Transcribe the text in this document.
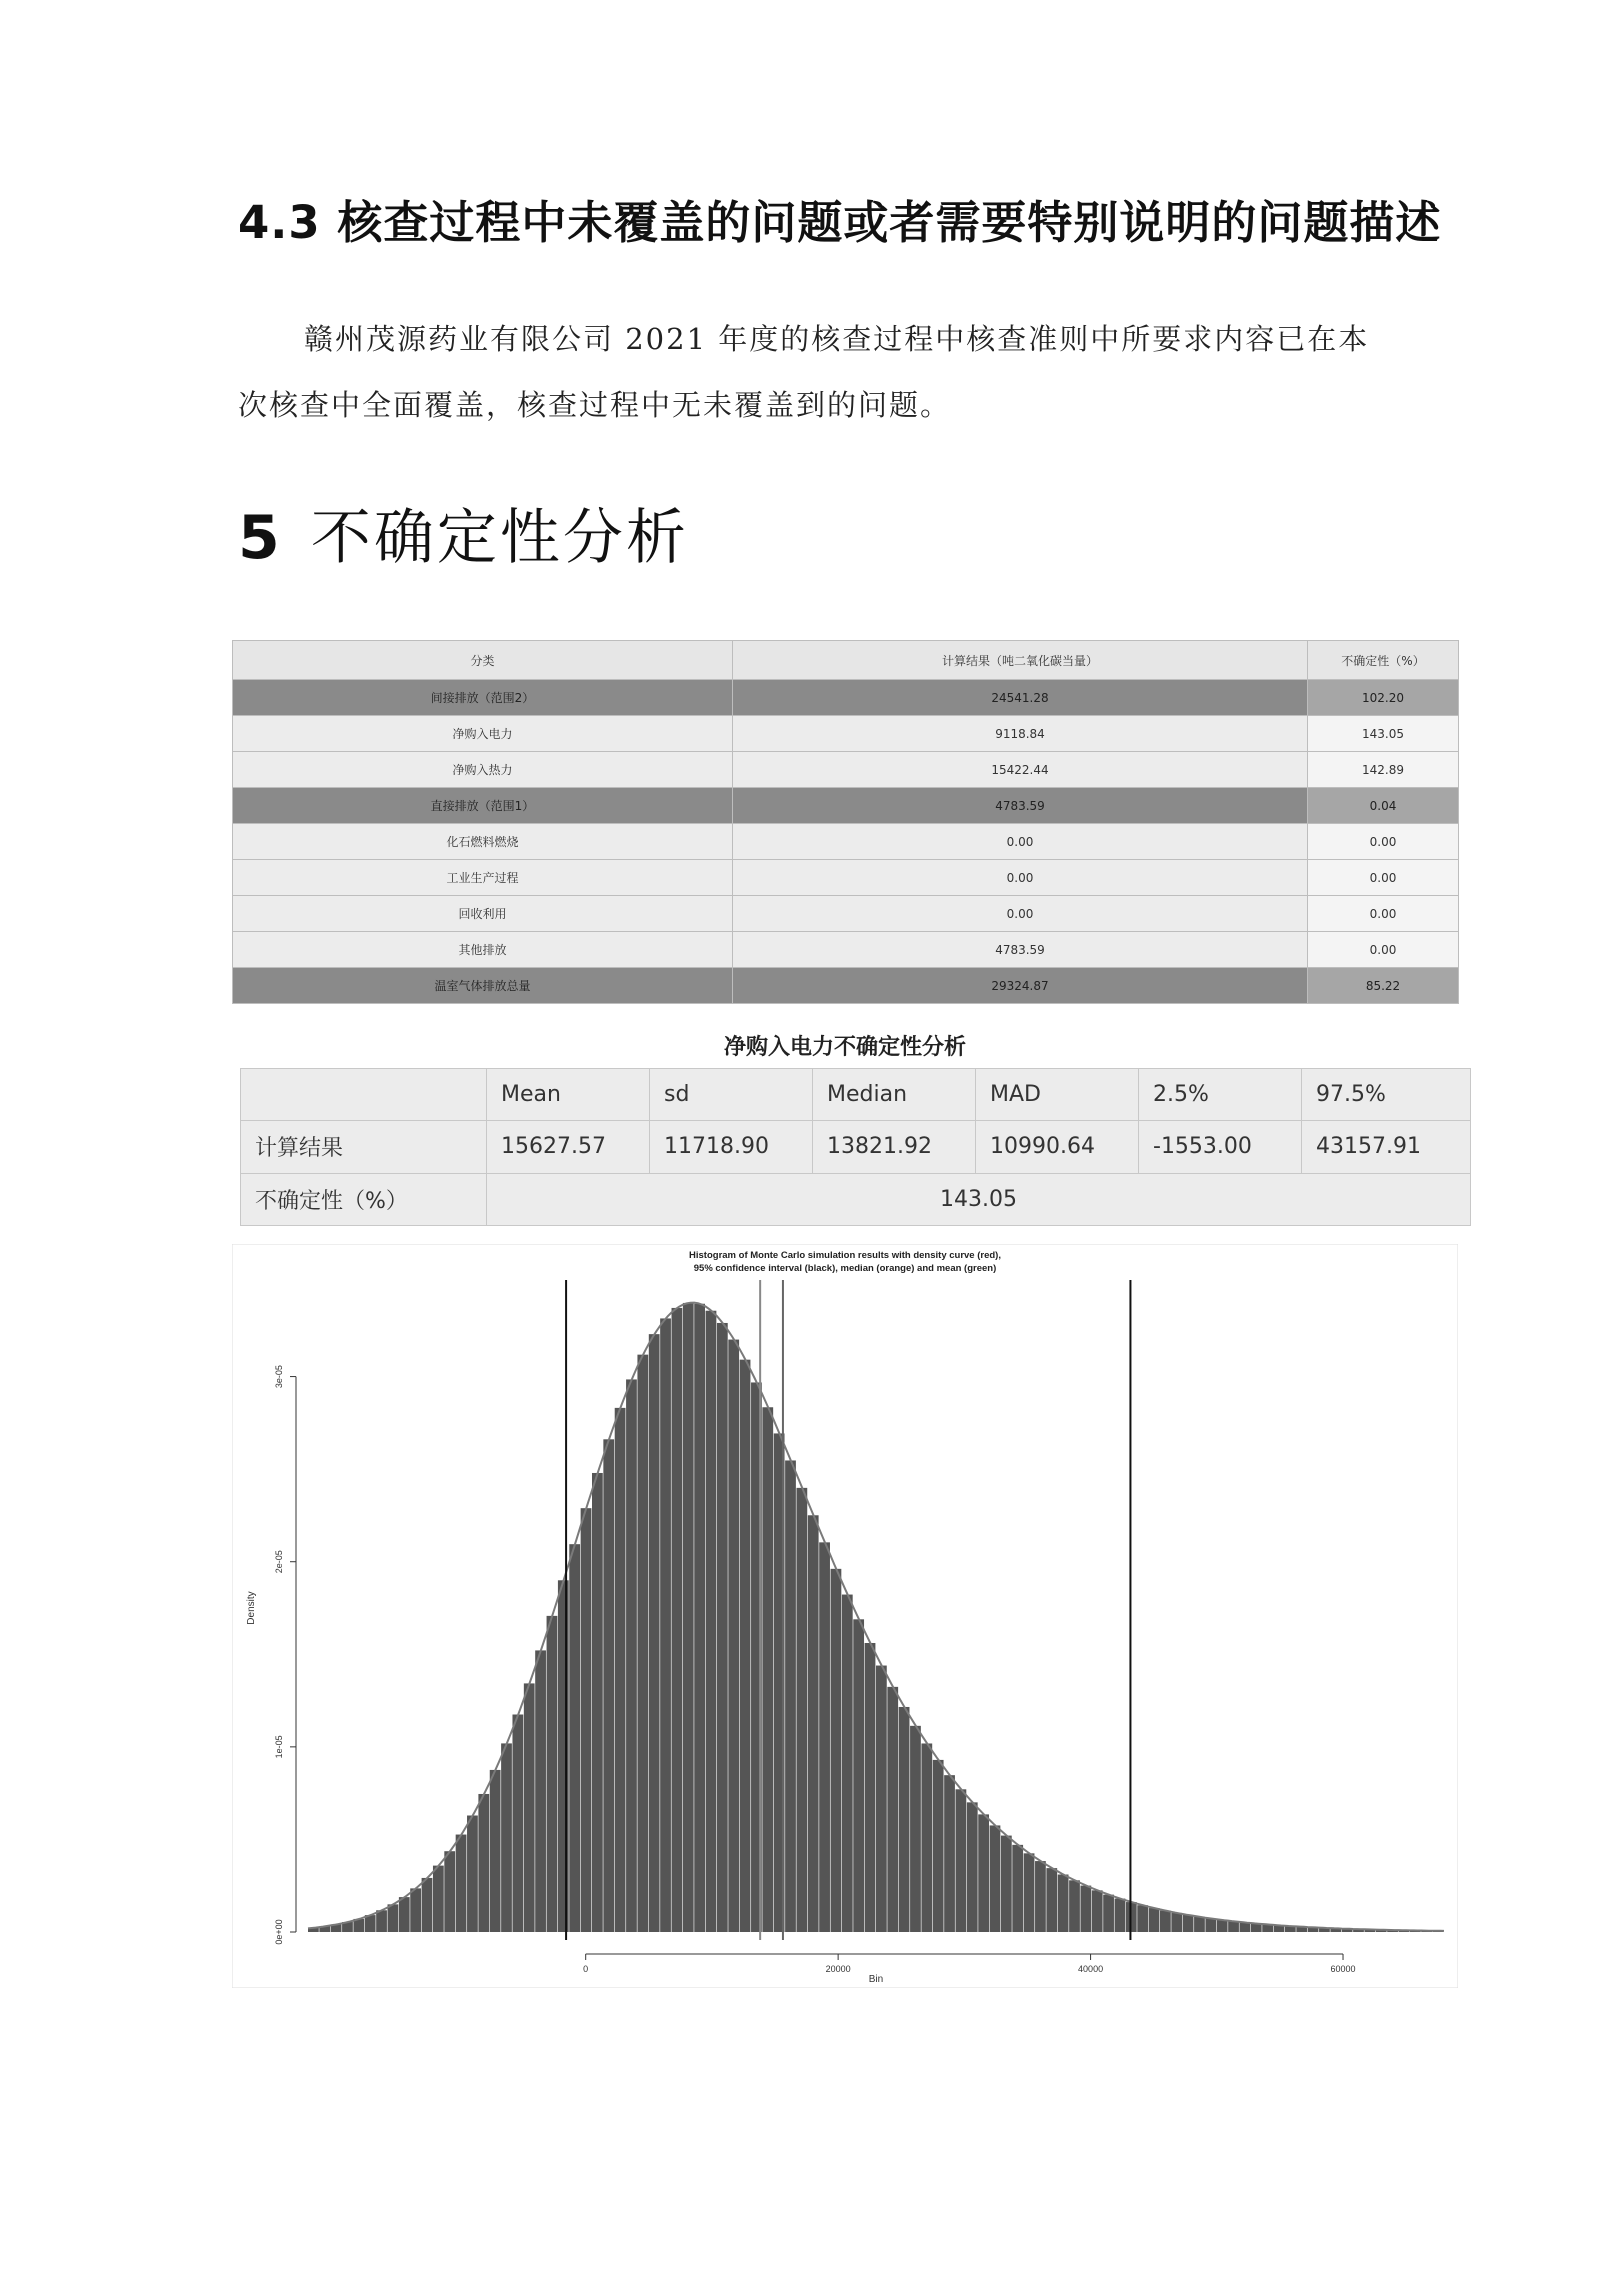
4.3 核查过程中未覆盖的问题或者需要特别说明的问题描述
赣州茂源药业有限公司 2021 年度的核查过程中核查准则中所要求内容已在本次核查中全面覆盖，核查过程中无未覆盖到的问题。
5 不确定性分析
分类	计算结果（吨二氧化碳当量）	不确定性（%）
间接排放（范围2）	24541.28	102.20
净购入电力	9118.84	143.05
净购入热力	15422.44	142.89
直接排放（范围1）	4783.59	0.04
化石燃料燃烧	0.00	0.00
工业生产过程	0.00	0.00
回收利用	0.00	0.00
其他排放	4783.59	0.00
温室气体排放总量	29324.87	85.22
净购入电力不确定性分析
	Mean	sd	Median	MAD	2.5%	97.5%
计算结果	15627.57	11718.90	13821.92	10990.64	-1553.00	43157.91
不确定性（%）	143.05					
Histogram of Monte Carlo simulation results with density curve (red),
95% confidence interval (black), median (orange) and mean (green)
0e+00
1e-05
2e-05
3e-05
0	20000	40000	60000
Density
Bin
